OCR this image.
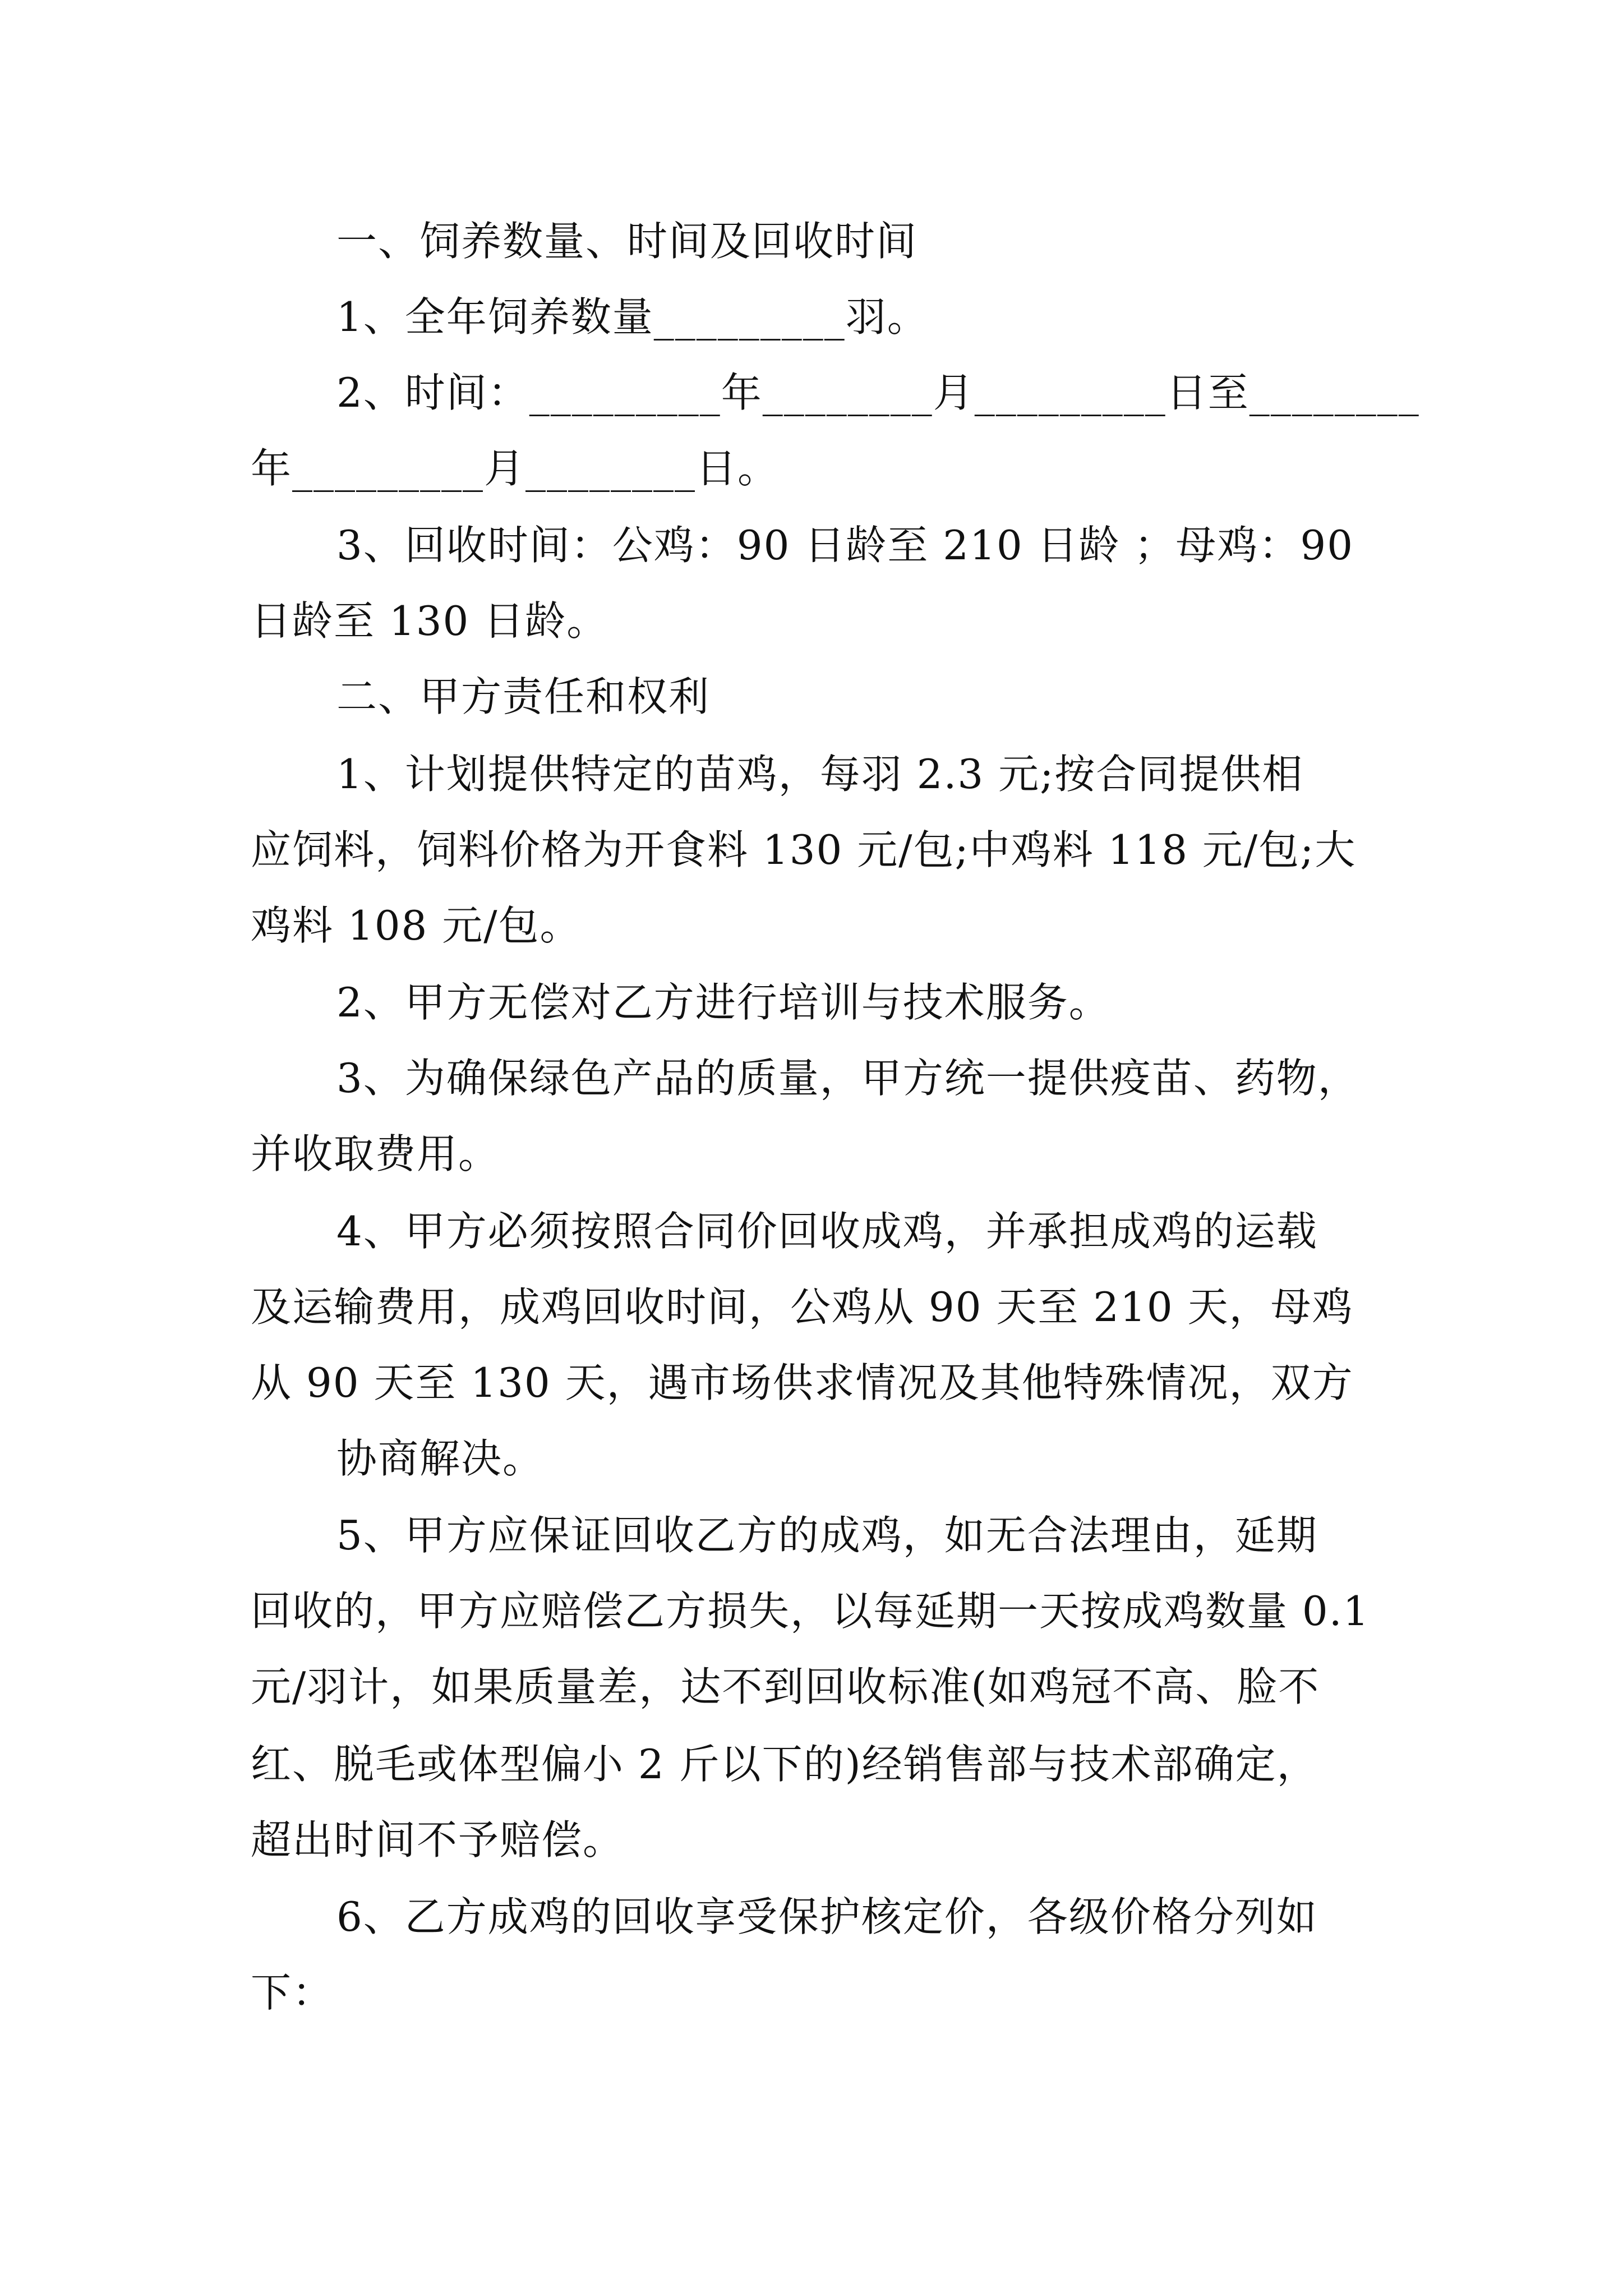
一、饲养数量、时间及回收时间
1、全年饲养数量_________羽。
2、时间：_________年________月_________日至________
年_________月________日。
3、回收时间：公鸡：90 日龄至 210 日龄 ；母鸡：90
日龄至 130 日龄。
二、甲方责任和权利
1、计划提供特定的苗鸡，每羽 2.3 元;按合同提供相
应饲料，饲料价格为开食料 130 元/包;中鸡料 118 元/包;大
鸡料 108 元/包。
2、甲方无偿对乙方进行培训与技术服务。
3、为确保绿色产品的质量，甲方统一提供疫苗、药物，
并收取费用。
4、甲方必须按照合同价回收成鸡，并承担成鸡的运载
及运输费用，成鸡回收时间，公鸡从 90 天至 210 天，母鸡
从 90 天至 130 天，遇市场供求情况及其他特殊情况，双方
协商解决。
5、甲方应保证回收乙方的成鸡，如无合法理由，延期
回收的，甲方应赔偿乙方损失，以每延期一天按成鸡数量 0.1
元/羽计，如果质量差，达不到回收标准(如鸡冠不高、脸不
红、脱毛或体型偏小 2 斤以下的)经销售部与技术部确定，
超出时间不予赔偿。
6、乙方成鸡的回收享受保护核定价，各级价格分列如
下：
